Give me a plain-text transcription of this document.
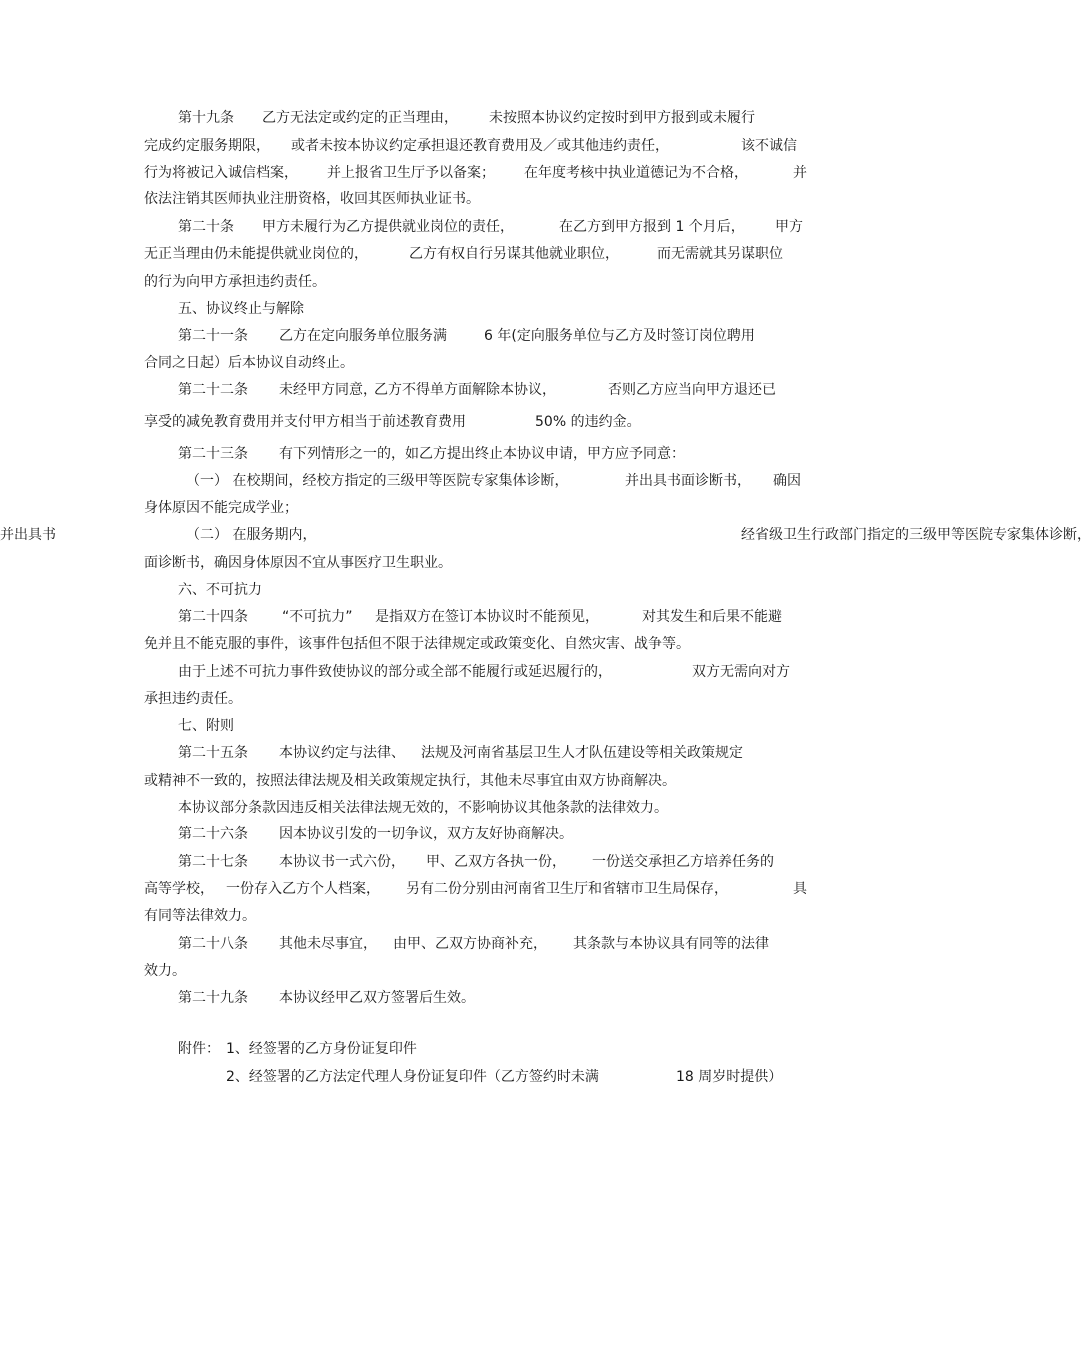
第十九条 乙方无法定或约定的正当理由， 未按照本协议约定按时到甲方报到或未履行
完成约定服务期限， 或者未按本协议约定承担退还教育费用及／或其他违约责任，	该不诚信
行为将被记入诚信档案， 并上报省卫生厅予以备案； 在年度考核中执业道德记为不合格，	并
依法注销其医师执业注册资格，收回其医师执业证书。
第二十条 甲方未履行为乙方提供就业岗位的责任，	在乙方到甲方报到 1 个月后， 甲方
无正当理由仍未能提供就业岗位的，	乙方有权自行另谋其他就业职位，	而无需就其另谋职位
的行为向甲方承担违约责任。
五、协议终止与解除
第二十一条 乙方在定向服务单位服务满	6 年(定向服务单位与乙方及时签订岗位聘用
合同之日起）后本协议自动终止。
第二十二条 未经甲方同意，
乙方不得单方面解除本协议，	否则乙方应当向甲方退还已
享受的减免教育费用并支付甲方相当于前述教育费用	50% 的违约金。
第二十三条 有下列情形之一的，如乙方提出终止本协议申请，甲方应予同意：
（一） 在校期间，经校方指定的三级甲等医院专家集体诊断，	并出具书面诊断书， 确因
身体原因不能完成学业；
（二） 在服务期内，	经省级卫生行政部门指定的三级甲等医院专家集体诊断，
并出具书
面诊断书，确因身体原因不宜从事医疗卫生职业。
六、不可抗力
第二十四条 “不可抗力” 是指双方在签订本协议时不能预见，	对其发生和后果不能避
免并且不能克服的事件，该事件包括但不限于法律规定或政策变化、自然灾害、战争等。
由于上述不可抗力事件致使协议的部分或全部不能履行或延迟履行的，	双方无需向对方
承担违约责任。
七、附则
第二十五条 本协议约定与法律、 法规及河南省基层卫生人才队伍建设等相关政策规定
或精神不一致的，按照法律法规及相关政策规定执行，其他未尽事宜由双方协商解决。
本协议部分条款因违反相关法律法规无效的，不影响协议其他条款的法律效力。
第二十六条 因本协议引发的一切争议，双方友好协商解决。
第二十七条 本协议书一式六份， 甲、乙双方各执一份， 一份送交承担乙方培养任务的
高等学校， 一份存入乙方个人档案， 另有二份分别由河南省卫生厅和省辖市卫生局保存，	具
有同等法律效力。
第二十八条 其他未尽事宜， 由甲、乙双方协商补充， 其条款与本协议具有同等的法律
效力。
第二十九条 本协议经甲乙双方签署后生效。
附件： 1、经签署的乙方身份证复印件
2、经签署的乙方法定代理人身份证复印件（乙方签约时未满	18 周岁时提供）
